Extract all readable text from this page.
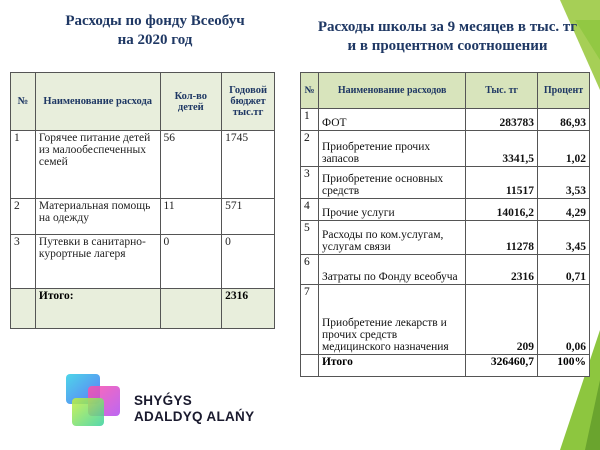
Расходы по фонду Всеобуч
на 2020 год
Расходы школы за 9 месяцев в тыс. тг
и в процентном соотношении
№	Наименование расхода	Кол-во детей	Годовой бюджет тыс.тг
1	Горячее питание детей из малообеспеченных семей	56	1745
2	Материальная помощь на одежду	11	571
3	Путевки в санитарно-курортные лагеря	0	0
	Итого:		2316
№	Наименование расходов	Тыс. тг	Процент
1	ФОТ	283783	86,93
2	Приобретение прочих запасов	3341,5	1,02
3	Приобретение основных средств	11517	3,53
4	Прочие услуги	14016,2	4,29
5	Расходы по ком.услугам, услугам связи	11278	3,45
6	Затраты по Фонду всеобуча	2316	0,71
7	Приобретение лекарств и прочих средств медицинского назначения	209	0,06
	Итого	326460,7	100%
SHYǴYS
ADALDYQ ALAŃY
